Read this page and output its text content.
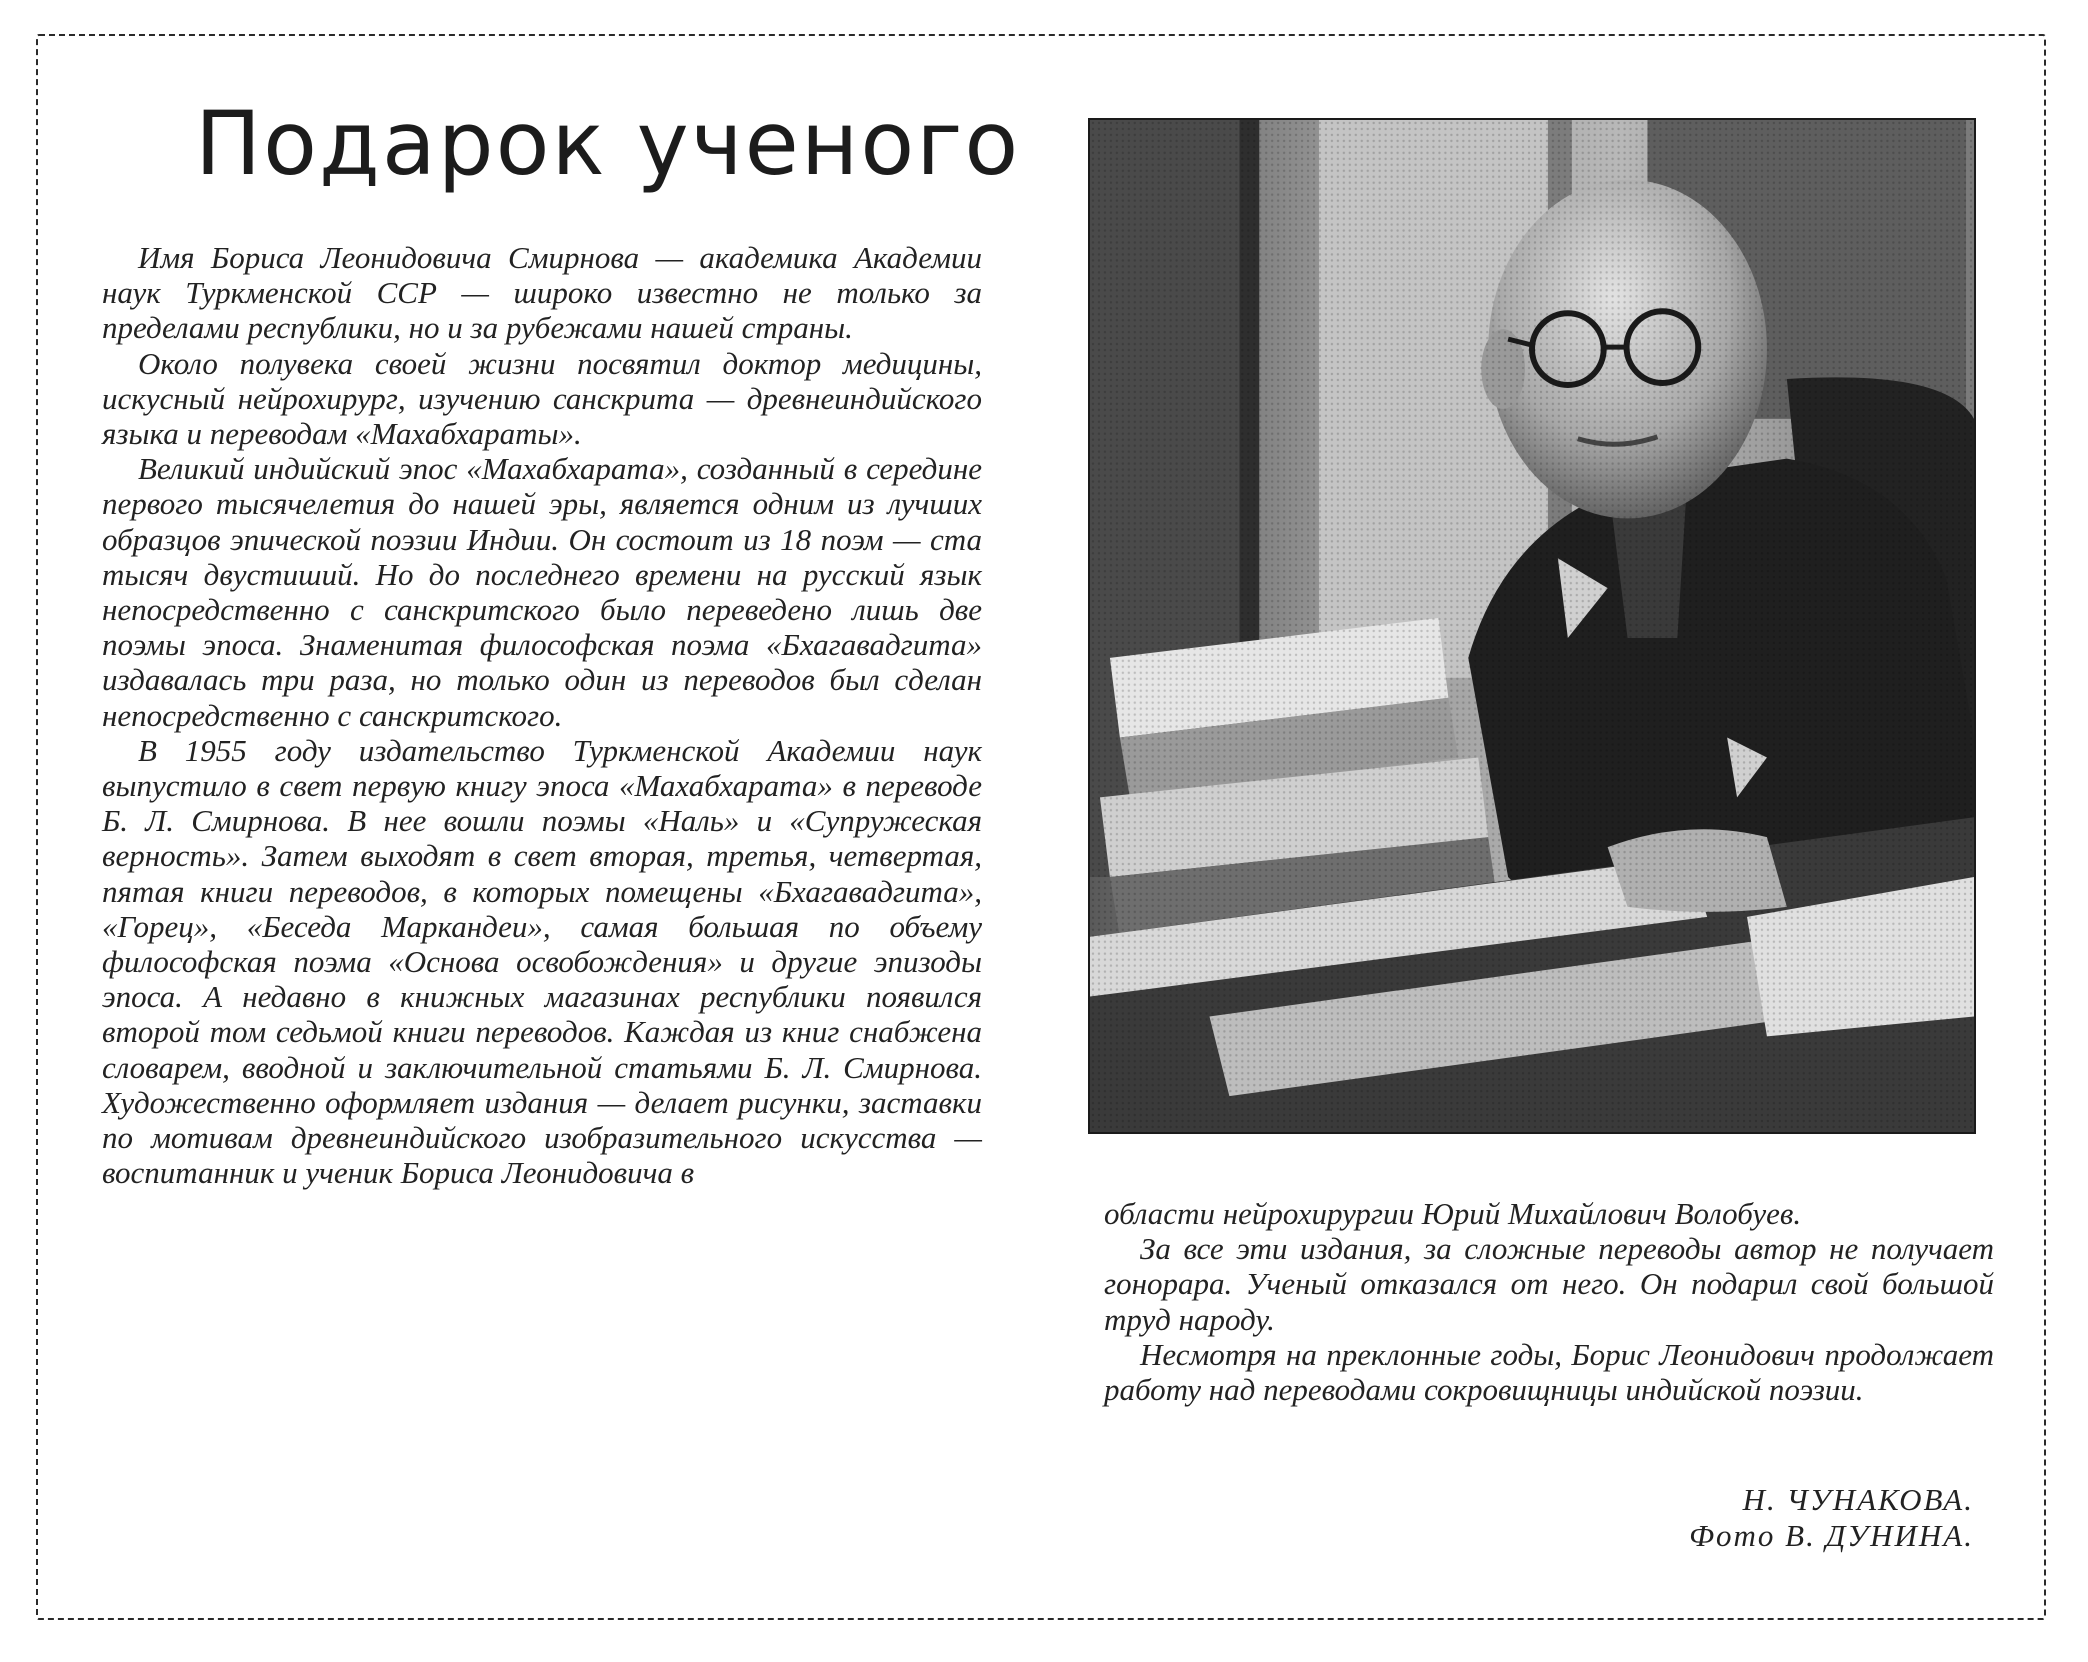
Подарок ученого

Имя Бориса Леонидовича Смирнова — академика Академии наук Туркменской ССР — широко известно не только за пределами республики, но и за рубежами нашей страны.

Около полувека своей жизни посвятил доктор медицины, искусный нейрохирург, изучению санскрита — древнеиндийского языка и переводам «Махабхараты».

Великий индийский эпос «Махабхарата», созданный в середине первого тысячелетия до нашей эры, является одним из лучших образцов эпической поэзии Индии. Он состоит из 18 поэм — ста тысяч двустиший. Но до последнего времени на русский язык непосредственно с санскритского было переведено лишь две поэмы эпоса. Знаменитая философская поэма «Бхагавадгита» издавалась три раза, но только один из переводов был сделан непосредственно с санскритского.

В 1955 году издательство Туркменской Академии наук выпустило в свет первую книгу эпоса «Махабхарата» в переводе Б. Л. Смирнова. В нее вошли поэмы «Наль» и «Супружеская верность». Затем выходят в свет вторая, третья, четвертая, пятая книги переводов, в которых помещены «Бхагавадгита», «Горец», «Беседа Маркандеи», самая большая по объему философская поэма «Основа освобождения» и другие эпизоды эпоса. А недавно в книжных магазинах республики появился второй том седьмой книги переводов. Каждая из книг снабжена словарем, вводной и заключительной статьями Б. Л. Смирнова. Художественно оформляет издания — делает рисунки, заставки по мотивам древнеиндийского изобразительного искусства — воспитанник и ученик Бориса Леонидовича в

области нейрохирургии Юрий Михайлович Волобуев.

За все эти издания, за сложные переводы автор не получает гонорара. Ученый отказался от него. Он подарил свой большой труд народу.

Несмотря на преклонные годы, Борис Леонидович продолжает работу над переводами сокровищницы индийской поэзии.

Н. ЧУНАКОВА.
Фото В. ДУНИНА.
